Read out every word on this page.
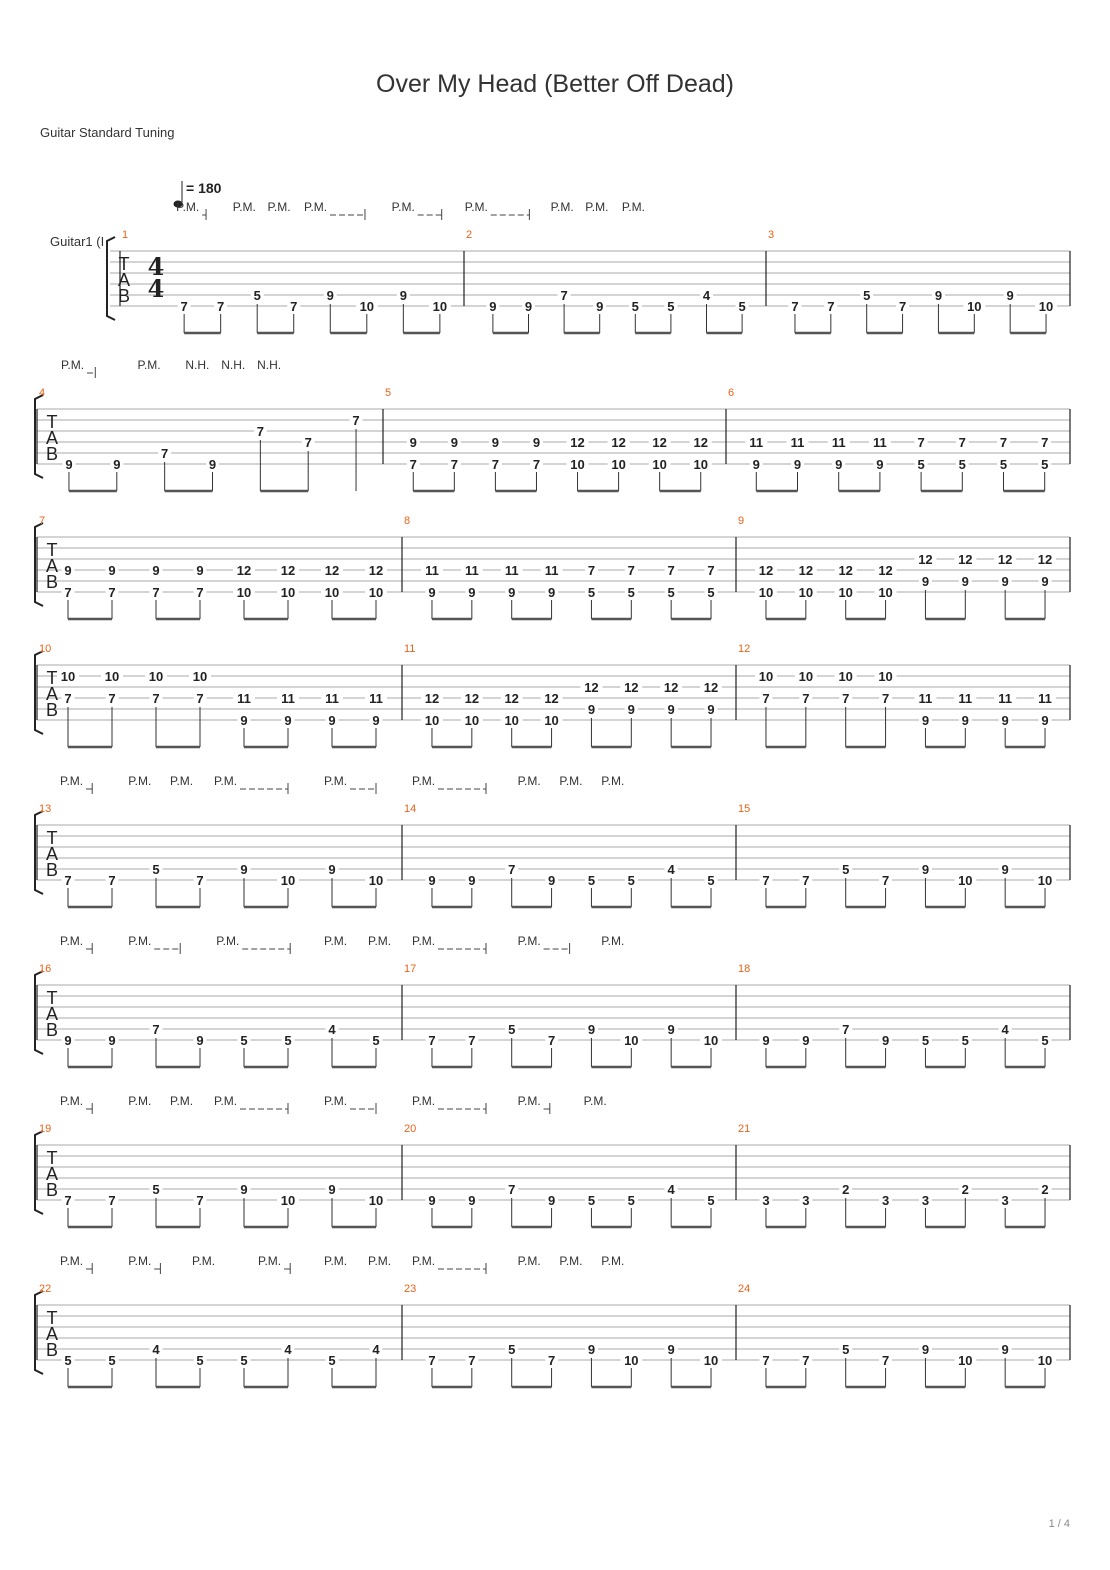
Over My Head (Better Off Dead)
Guitar Standard Tuning
T
A
B
Guitar1 (I
4
4
= 180
1
7 7
5
7
9
10
9
10
2
9 9
7
9 5 5
4
5
3
7 7
5
7
9
10
9
10
P.M.	P.M. P.M. P.M.	P.M.	P.M.	P.M. P.M. P.M.
T
A
B
4
9	9
7
9
7
7
7
5
7
9
7
9
7
9
7
9
10
12
10
12
10
12
10
12
6
9
11
9
11
9
11
9
11
5
7
5
7
5
7
5
7
P.M.	P.M. N.H. N.H. N.H.
T
A
B
7
7
9
7
9
7
9
7
9
10
12
10
12
10
12
10
12
8
9
11
9
11
9
11
9
11
5
7
5
7
5
7
5
7
9
10
12
10
12
10
12
10
12
9
12
9
12
9
12
9
12
T
A
B
10
7
10
7
10
7
10
7
10
9
11
9
11
9
11
9
11
11
10
12
10
12
10
12
10
12
9
12
9
12
9
12
9
12
12
7
10
7
10
7
10
7
10
9
11
9
11
9
11
9
11
T
A
B
13
7	7
5
7
9
10
9
10
14
9	9
7
9	5	5
4
5
15
7	7
5
7
9
10
9
10
P.M.	P.M. P.M. P.M.	P.M.	P.M.	P.M. P.M. P.M.
T
A
B
16
9	9
7
9	5	5
4
5
17
7	7
5
7
9
10
9
10
18
9	9
7
9	5	5
4
5
P.M.	P.M.	P.M.	P.M. P.M. P.M.	P.M.	P.M.
T
A
B
19
7	7
5
7
9
10
9
10
20
9	9
7
9	5	5
4
5
21
3	3
2
3	3
2
3
2
P.M.	P.M. P.M. P.M.	P.M.	P.M.	P.M.	P.M.
T
A
B
22
5	5
4
5	5
4
5
4
23
7	7
5
7
9
10
9
10
24
7	7
5
7
9
10
9
10
P.M.	P.M.	P.M.	P.M.	P.M. P.M. P.M.	P.M. P.M. P.M.
1 / 4
